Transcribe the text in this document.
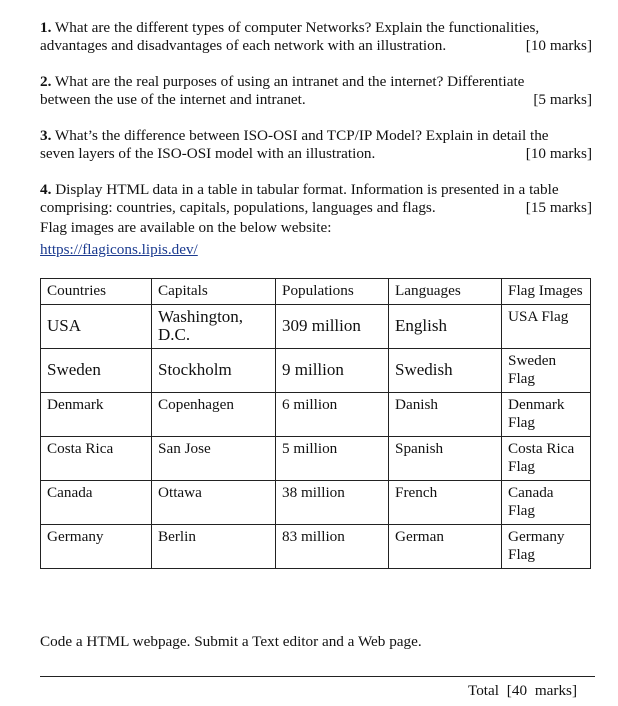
1. What are the different types of computer Networks? Explain the functionalities,
advantages and disadvantages of each network with an illustration.	[10 marks]
2. What are the real purposes of using an intranet and the internet? Differentiate
between the use of the internet and intranet.	[5 marks]
3. What’s the difference between ISO-OSI and TCP/IP Model? Explain in detail the
seven layers of the ISO-OSI model with an illustration.	[10 marks]
4. Display HTML data in a table in tabular format. Information is presented in a table
comprising: countries, capitals, populations, languages and flags.	[15 marks]
Flag images are available on the below website:
https://flagicons.lipis.dev/
Countries	Capitals	Populations	Languages	Flag Images
USA	Washington, D.C.	309 million	English	USA Flag
Sweden	Stockholm	9 million	Swedish	Sweden Flag
Denmark	Copenhagen	6 million	Danish	Denmark Flag
Costa Rica	San Jose	5 million	Spanish	Costa Rica Flag
Canada	Ottawa	38 million	French	Canada Flag
Germany	Berlin	83 million	German	Germany Flag
Code a HTML webpage. Submit a Text editor and a Web page.
Total [40 marks]
